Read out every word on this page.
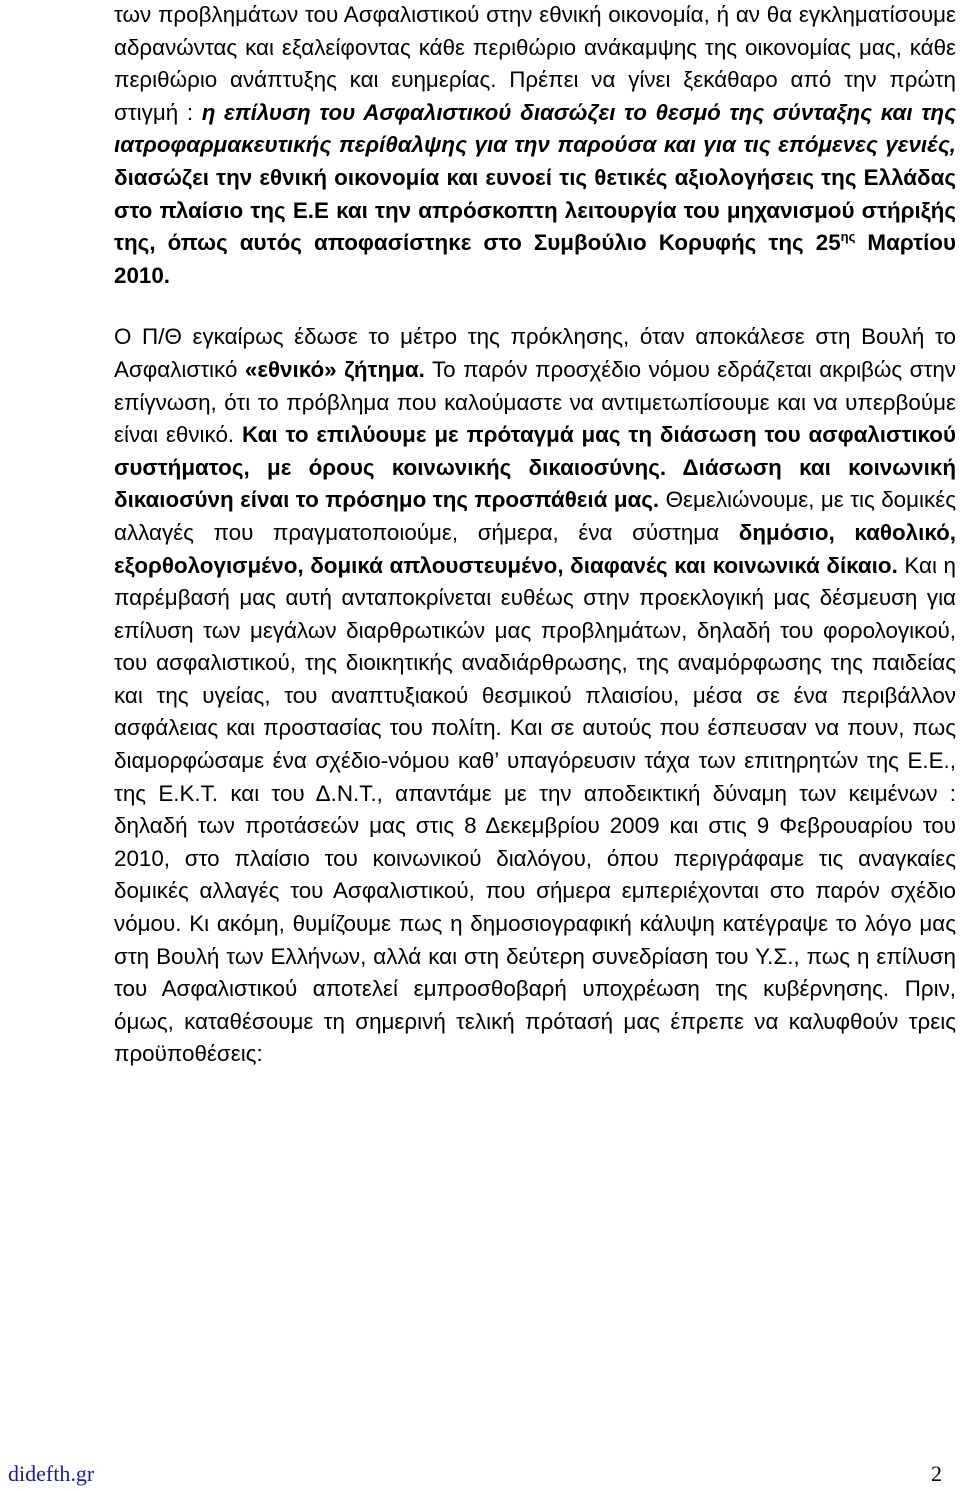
των προβλημάτων του Ασφαλιστικού στην εθνική οικονομία, ή αν θα εγκληματίσουμε αδρανώντας και εξαλείφοντας κάθε περιθώριο ανάκαμψης της οικονομίας μας, κάθε περιθώριο ανάπτυξης και ευημερίας. Πρέπει να γίνει ξεκάθαρο από την πρώτη στιγμή : η επίλυση του Ασφαλιστικού διασώζει το θεσμό της σύνταξης και της ιατροφαρμακευτικής περίθαλψης για την παρούσα και για τις επόμενες γενιές, διασώζει την εθνική οικονομία και ευνοεί τις θετικές αξιολογήσεις της Ελλάδας στο πλαίσιο της Ε.Ε και την απρόσκοπτη λειτουργία του μηχανισμού στήριξής της, όπως αυτός αποφασίστηκε στο Συμβούλιο Κορυφής της $25^{\eta\varsigma}$ Μαρτίου 2010.

Ο Π/Θ εγκαίρως έδωσε το μέτρο της πρόκλησης, όταν αποκάλεσε στη Βουλή το Ασφαλιστικό «εθνικό» ζήτημα. Το παρόν προσχέδιο νόμου εδράζεται ακριβώς στην επίγνωση, ότι το πρόβλημα που καλούμαστε να αντιμετωπίσουμε και να υπερβούμε είναι εθνικό. Και το επιλύουμε με πρόταγμά μας τη διάσωση του ασφαλιστικού συστήματος, με όρους κοινωνικής δικαιοσύνης. Διάσωση και κοινωνική δικαιοσύνη είναι το πρόσημο της προσπάθειά μας. Θεμελιώνουμε, με τις δομικές αλλαγές που πραγματοποιούμε, σήμερα, ένα σύστημα δημόσιο, καθολικό, εξορθολογισμένο, δομικά απλουστευμένο, διαφανές και κοινωνικά δίκαιο. Και η παρέμβασή μας αυτή ανταποκρίνεται ευθέως στην προεκλογική μας δέσμευση για επίλυση των μεγάλων διαρθρωτικών μας προβλημάτων, δηλαδή του φορολογικού, του ασφαλιστικού, της διοικητικής αναδιάρθρωσης, της αναμόρφωσης της παιδείας και της υγείας, του αναπτυξιακού θεσμικού πλαισίου, μέσα σε ένα περιβάλλον ασφάλειας και προστασίας του πολίτη. Και σε αυτούς που έσπευσαν να πουν, πως διαμορφώσαμε ένα σχέδιο-νόμου καθ’ υπαγόρευσιν τάχα των επιτηρητών της Ε.Ε., της Ε.Κ.Τ. και του Δ.Ν.Τ., απαντάμε με την αποδεικτική δύναμη των κειμένων : δηλαδή των προτάσεών μας στις 8 Δεκεμβρίου 2009 και στις 9 Φεβρουαρίου του 2010, στο πλαίσιο του κοινωνικού διαλόγου, όπου περιγράφαμε τις αναγκαίες δομικές αλλαγές του Ασφαλιστικού, που σήμερα εμπεριέχονται στο παρόν σχέδιο νόμου. Κι ακόμη, θυμίζουμε πως η δημοσιογραφική κάλυψη κατέγραψε το λόγο μας στη Βουλή των Ελλήνων, αλλά και στη δεύτερη συνεδρίαση του Υ.Σ., πως η επίλυση του Ασφαλιστικού αποτελεί εμπροσθοβαρή υποχρέωση της κυβέρνησης. Πριν, όμως, καταθέσουμε τη σημερινή τελική πρότασή μας έπρεπε να καλυφθούν τρεις προϋποθέσεις:

didefth.gr	2
